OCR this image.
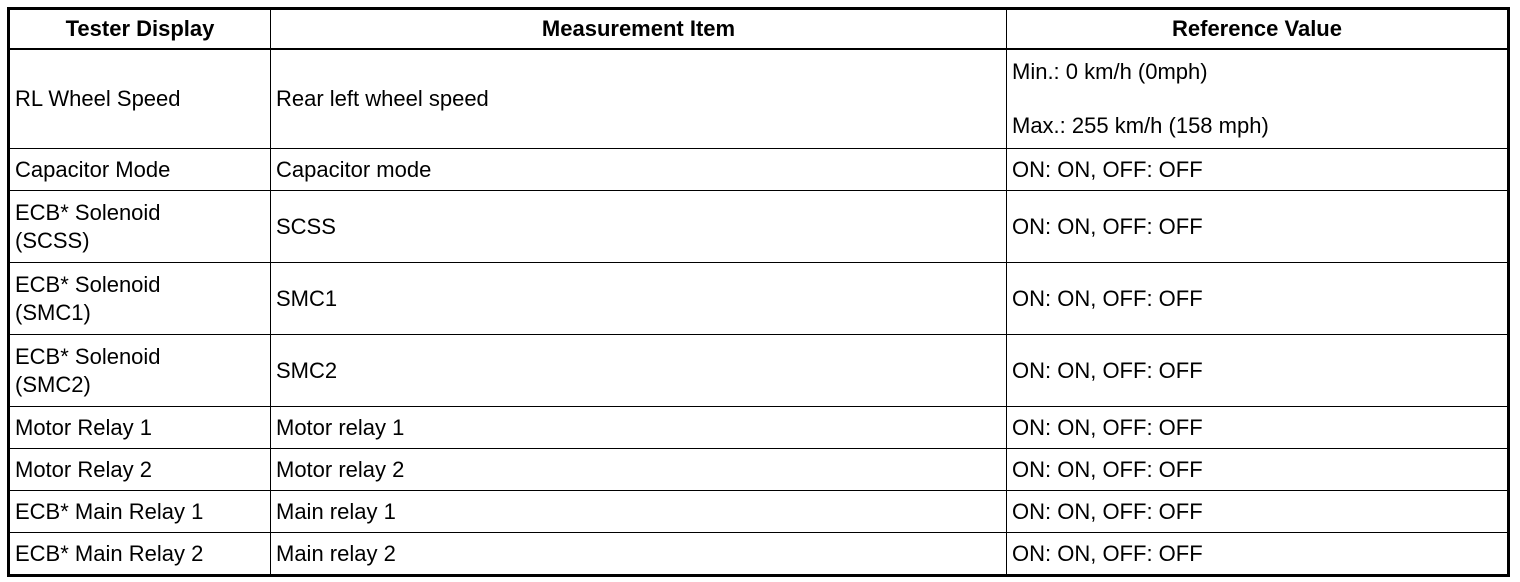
Tester Display	Measurement Item	Reference Value
RL Wheel Speed	Rear left wheel speed	Min.: 0 km/h (0mph)
Max.: 255 km/h (158 mph)

Capacitor Mode	Capacitor mode	ON: ON, OFF: OFF

ECB* Solenoid
(SCSS)	SCSS	ON: ON, OFF: OFF

ECB* Solenoid
(SMC1)	SMC1	ON: ON, OFF: OFF

ECB* Solenoid
(SMC2)	SMC2	ON: ON, OFF: OFF
Motor Relay 1	Motor relay 1	ON: ON, OFF: OFF
Motor Relay 2	Motor relay 2	ON: ON, OFF: OFF
ECB* Main Relay 1	Main relay 1	ON: ON, OFF: OFF
ECB* Main Relay 2	Main relay 2	ON: ON, OFF: OFF
